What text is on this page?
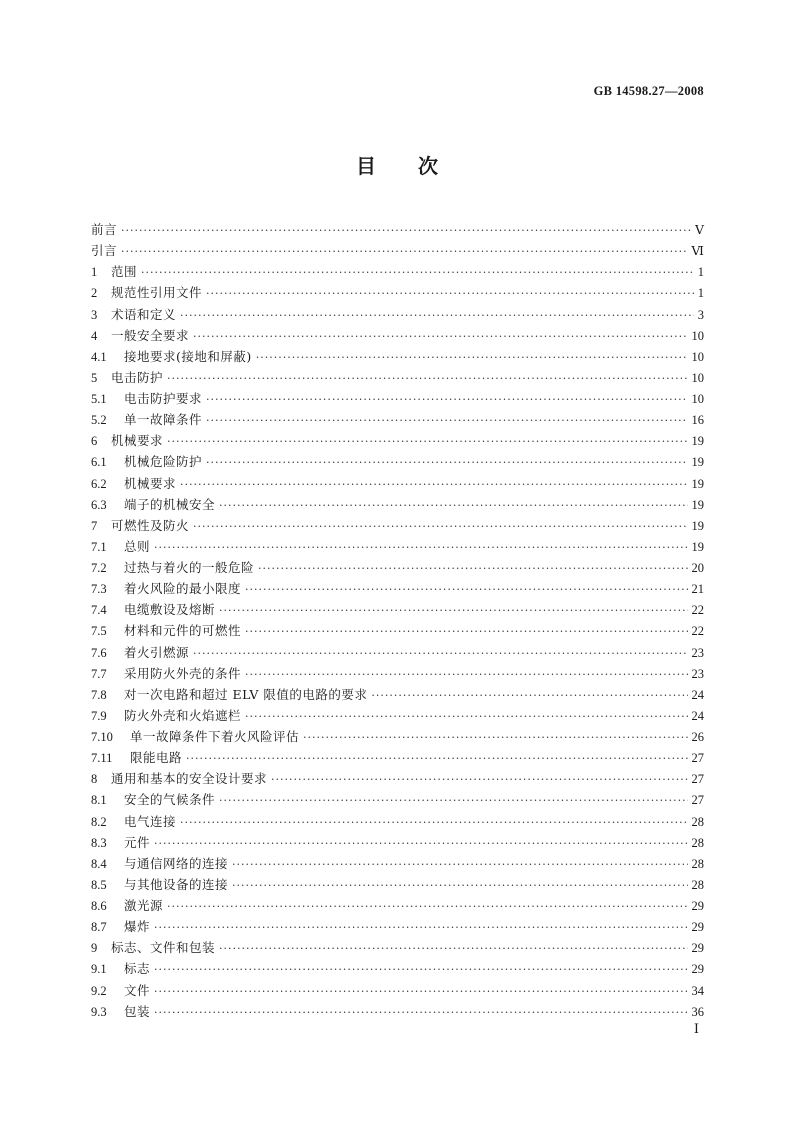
GB 14598.27—2008
目次
前言 ·····	Ⅴ
引言 ·····	Ⅵ
1	范围 ·····	1
2	规范性引用文件 ·····	1
3	术语和定义 ·····	3
4	一般安全要求 ·····	10
4.1	接地要求(接地和屏蔽) ·····	10
5	电击防护 ·····	10
5.1	电击防护要求 ·····	10
5.2	单一故障条件 ·····	16
6	机械要求 ·····	19
6.1	机械危险防护 ·····	19
6.2	机械要求 ·····	19
6.3	端子的机械安全 ·····	19
7	可燃性及防火 ·····	19
7.1	总则 ·····	19
7.2	过热与着火的一般危险 ·····	20
7.3	着火风险的最小限度 ·····	21
7.4	电缆敷设及熔断 ·····	22
7.5	材料和元件的可燃性 ·····	22
7.6	着火引燃源 ·····	23
7.7	采用防火外壳的条件 ·····	23
7.8	对一次电路和超过 ELV 限值的电路的要求 ·····	24
7.9	防火外壳和火焰遮栏 ·····	24
7.10	单一故障条件下着火风险评估 ·····	26
7.11	限能电路 ·····	27
8	通用和基本的安全设计要求 ·····	27
8.1	安全的气候条件 ·····	27
8.2	电气连接 ·····	28
8.3	元件 ·····	28
8.4	与通信网络的连接 ·····	28
8.5	与其他设备的连接 ·····	28
8.6	激光源 ·····	29
8.7	爆炸 ·····	29
9	标志、文件和包装 ·····	29
9.1	标志 ·····	29
9.2	文件 ·····	34
9.3	包装 ·····	36
Ⅰ
